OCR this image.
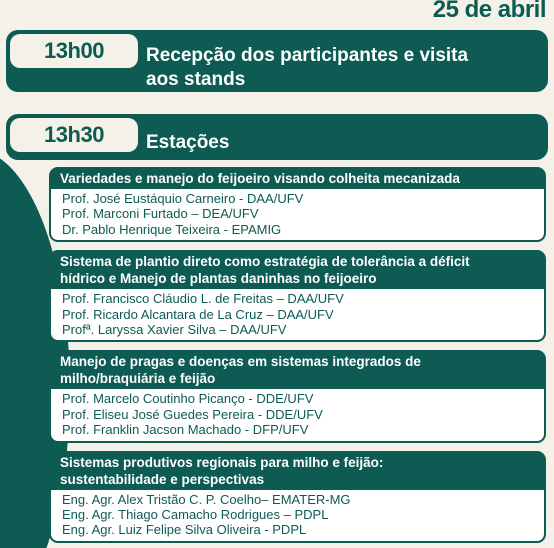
25 de abril
13h00	Recepção dos participantes e visita
aos stands
13h30	Estações
Variedades e manejo do feijoeiro visando colheita mecanizada
Prof. José Eustáquio Carneiro - DAA/UFV
Prof. Marconi Furtado – DEA/UFV
Dr. Pablo Henrique Teixeira - EPAMIG
Sistema de plantio direto como estratégia de tolerância a déficit
hídrico e Manejo de plantas daninhas no feijoeiro
Prof. Francisco Cláudio L. de Freitas – DAA/UFV
Prof. Ricardo Alcantara de La Cruz – DAA/UFV
Profª. Laryssa Xavier Silva – DAA/UFV
Manejo de pragas e doenças em sistemas integrados de
milho/braquiária e feijão
Prof. Marcelo Coutinho Picanço - DDE/UFV
Prof. Eliseu José Guedes Pereira - DDE/UFV
Prof. Franklin Jacson Machado - DFP/UFV
Sistemas produtivos regionais para milho e feijão:
sustentabilidade e perspectivas
Eng. Agr. Alex Tristão C. P. Coelho– EMATER-MG
Eng. Agr. Thiago Camacho Rodrigues – PDPL
Eng. Agr. Luiz Felipe Silva Oliveira - PDPL
